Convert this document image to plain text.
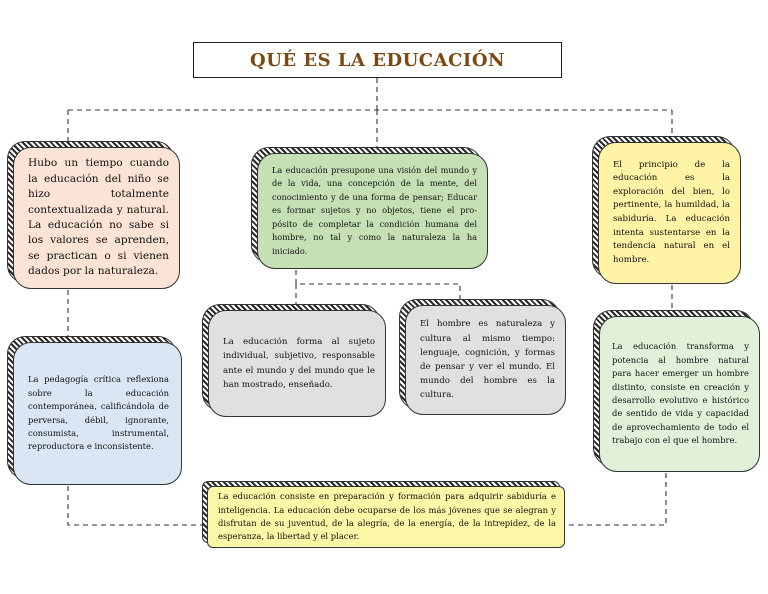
QUÉ ES LA EDUCACIÓN
Hubo un tiempo cuando la educación del niño se hizo totalmente contextualizada y natural. La educación no sabe si los valores se aprenden, se practican o si vienen dados por la naturaleza.
La educación presupone una visión del mundo y de la vida, una concepción de la mente, del conocimiento y de una forma de pensar; Educar es formar sujetos y no objetos, tiene el pro- pósito de completar la condición humana del hombre, no tal y como la naturaleza la ha iniciado.
El principio de la educación es la exploración del bien, lo pertinente, la humildad, la sabiduría. La educación intenta sustentarse en la tendencia natural en el hombre.
La pedagogía crítica reflexiona sobre la educación contemporánea, calificándola de perversa, débil, ignorante, consumista, instrumental, reproductora e inconsistente.
La educación forma al sujeto individual, subjetivo, responsable ante el mundo y del mundo que le han mostrado, enseñado.
El hombre es naturaleza y cultura al mismo tiempo: lenguaje, cognición, y formas de pensar y ver el mundo. El mundo del hombre es la cultura.
La educación transforma y potencia al hombre natural para hacer emerger un hombre distinto, consiste en creación y desarrollo evolutivo e histórico de sentido de vida y capacidad de aprovechamiento de todo el trabajo con el que el hombre.
La educación consiste en preparación y formación para adquirir sabiduría e inteligencia. La educación debe ocuparse de los más jóvenes que se alegran y disfrutan de su juventud, de la alegría, de la energía, de la intrepidez, de la esperanza, la libertad y el placer.
